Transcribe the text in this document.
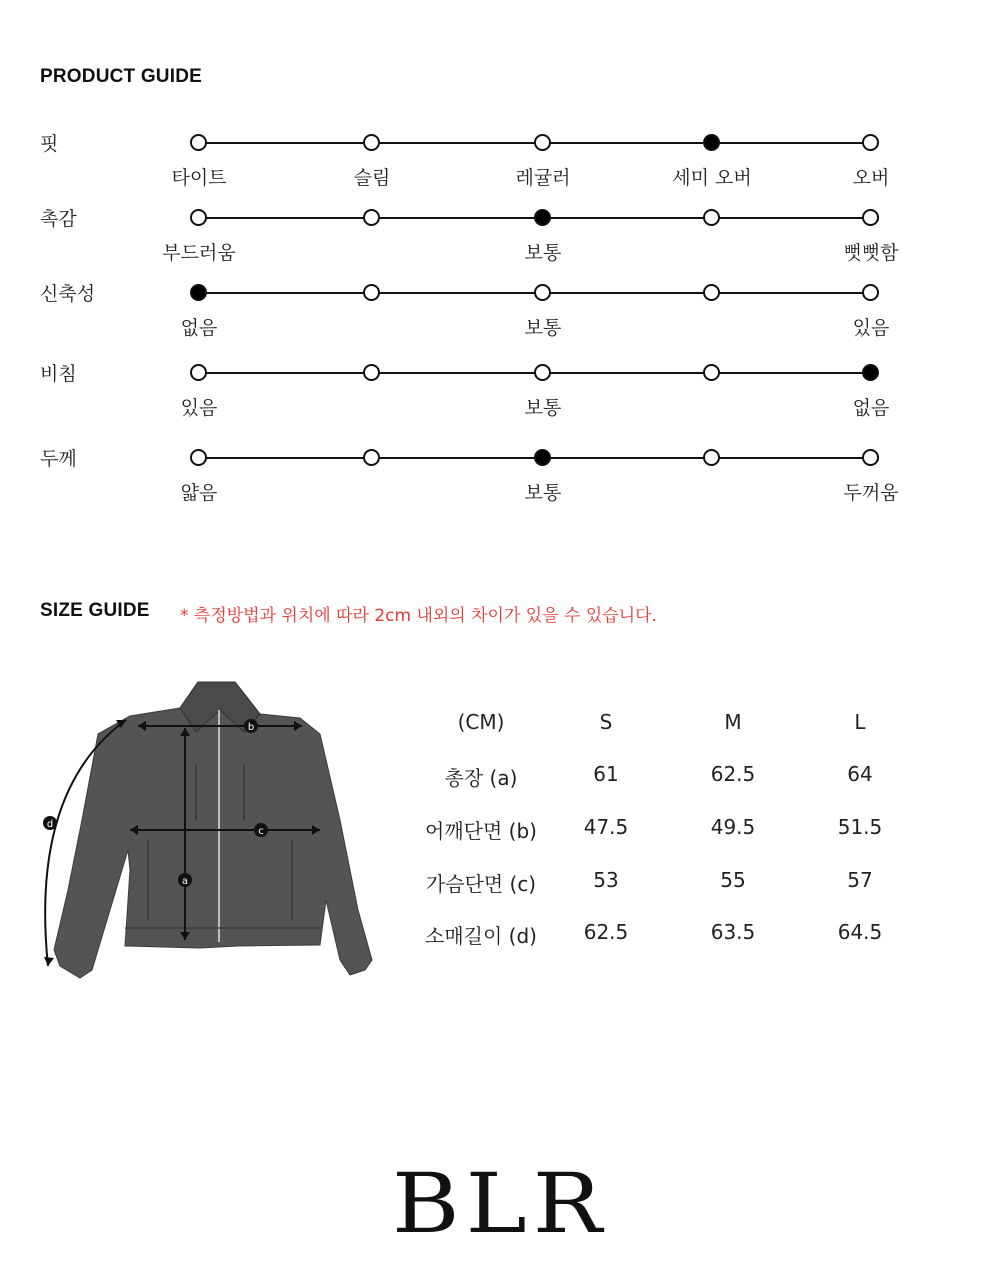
PRODUCT GUIDE
핏
타이트	슬림	레귤러	세미 오버	오버
촉감
부드러움	보통	뻣뻣함
신축성
없음	보통	있음
비침
있음	보통	없음
두께
얇음	보통	두꺼움
SIZE GUIDE * 측정방법과 위치에 따라 2cm 내외의 차이가 있을 수 있습니다.
b
c
a
d
(CM)	S	M	L
총장 (a)	61	62.5	64
어깨단면 (b)	47.5	49.5	51.5
가슴단면 (c)	53	55	57
소매길이 (d)	62.5	63.5	64.5
BLR
